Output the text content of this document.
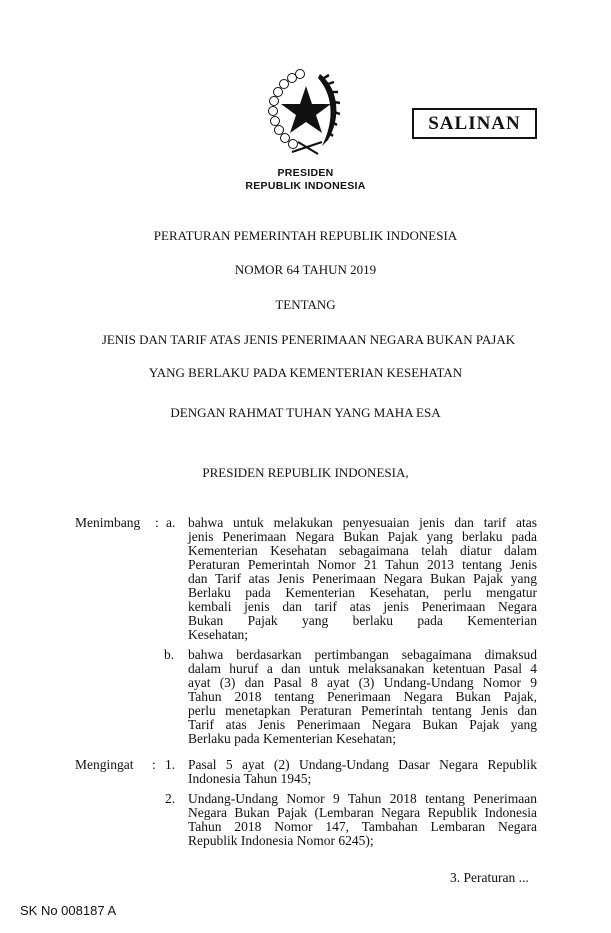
SALINAN
PRESIDEN
REPUBLIK INDONESIA
PERATURAN PEMERINTAH REPUBLIK INDONESIA
NOMOR 64 TAHUN 2019
TENTANG
JENIS DAN TARIF ATAS JENIS PENERIMAAN NEGARA BUKAN PAJAK
YANG BERLAKU PADA KEMENTERIAN KESEHATAN
DENGAN RAHMAT TUHAN YANG MAHA ESA
PRESIDEN REPUBLIK INDONESIA,
Menimbang : a. bahwa untuk melakukan penyesuaian jenis dan tarif atas
jenis Penerimaan Negara Bukan Pajak yang berlaku pada
Kementerian Kesehatan sebagaimana telah diatur dalam
Peraturan Pemerintah Nomor 21 Tahun 2013 tentang Jenis
dan Tarif atas Jenis Penerimaan Negara Bukan Pajak yang
Berlaku pada Kementerian Kesehatan, perlu mengatur
kembali jenis dan tarif atas jenis Penerimaan Negara
Bukan Pajak yang berlaku pada Kementerian
Kesehatan;
b. bahwa berdasarkan pertimbangan sebagaimana dimaksud
dalam huruf a dan untuk melaksanakan ketentuan Pasal 4
ayat (3) dan Pasal 8 ayat (3) Undang-Undang Nomor 9
Tahun 2018 tentang Penerimaan Negara Bukan Pajak,
perlu menetapkan Peraturan Pemerintah tentang Jenis dan
Tarif atas Jenis Penerimaan Negara Bukan Pajak yang
Berlaku pada Kementerian Kesehatan;
Mengingat : 1. Pasal 5 ayat (2) Undang-Undang Dasar Negara Republik
Indonesia Tahun 1945;
2. Undang-Undang Nomor 9 Tahun 2018 tentang Penerimaan
Negara Bukan Pajak (Lembaran Negara Republik Indonesia
Tahun 2018 Nomor 147, Tambahan Lembaran Negara
Republik Indonesia Nomor 6245);
3. Peraturan ...
SK No 008187 A
